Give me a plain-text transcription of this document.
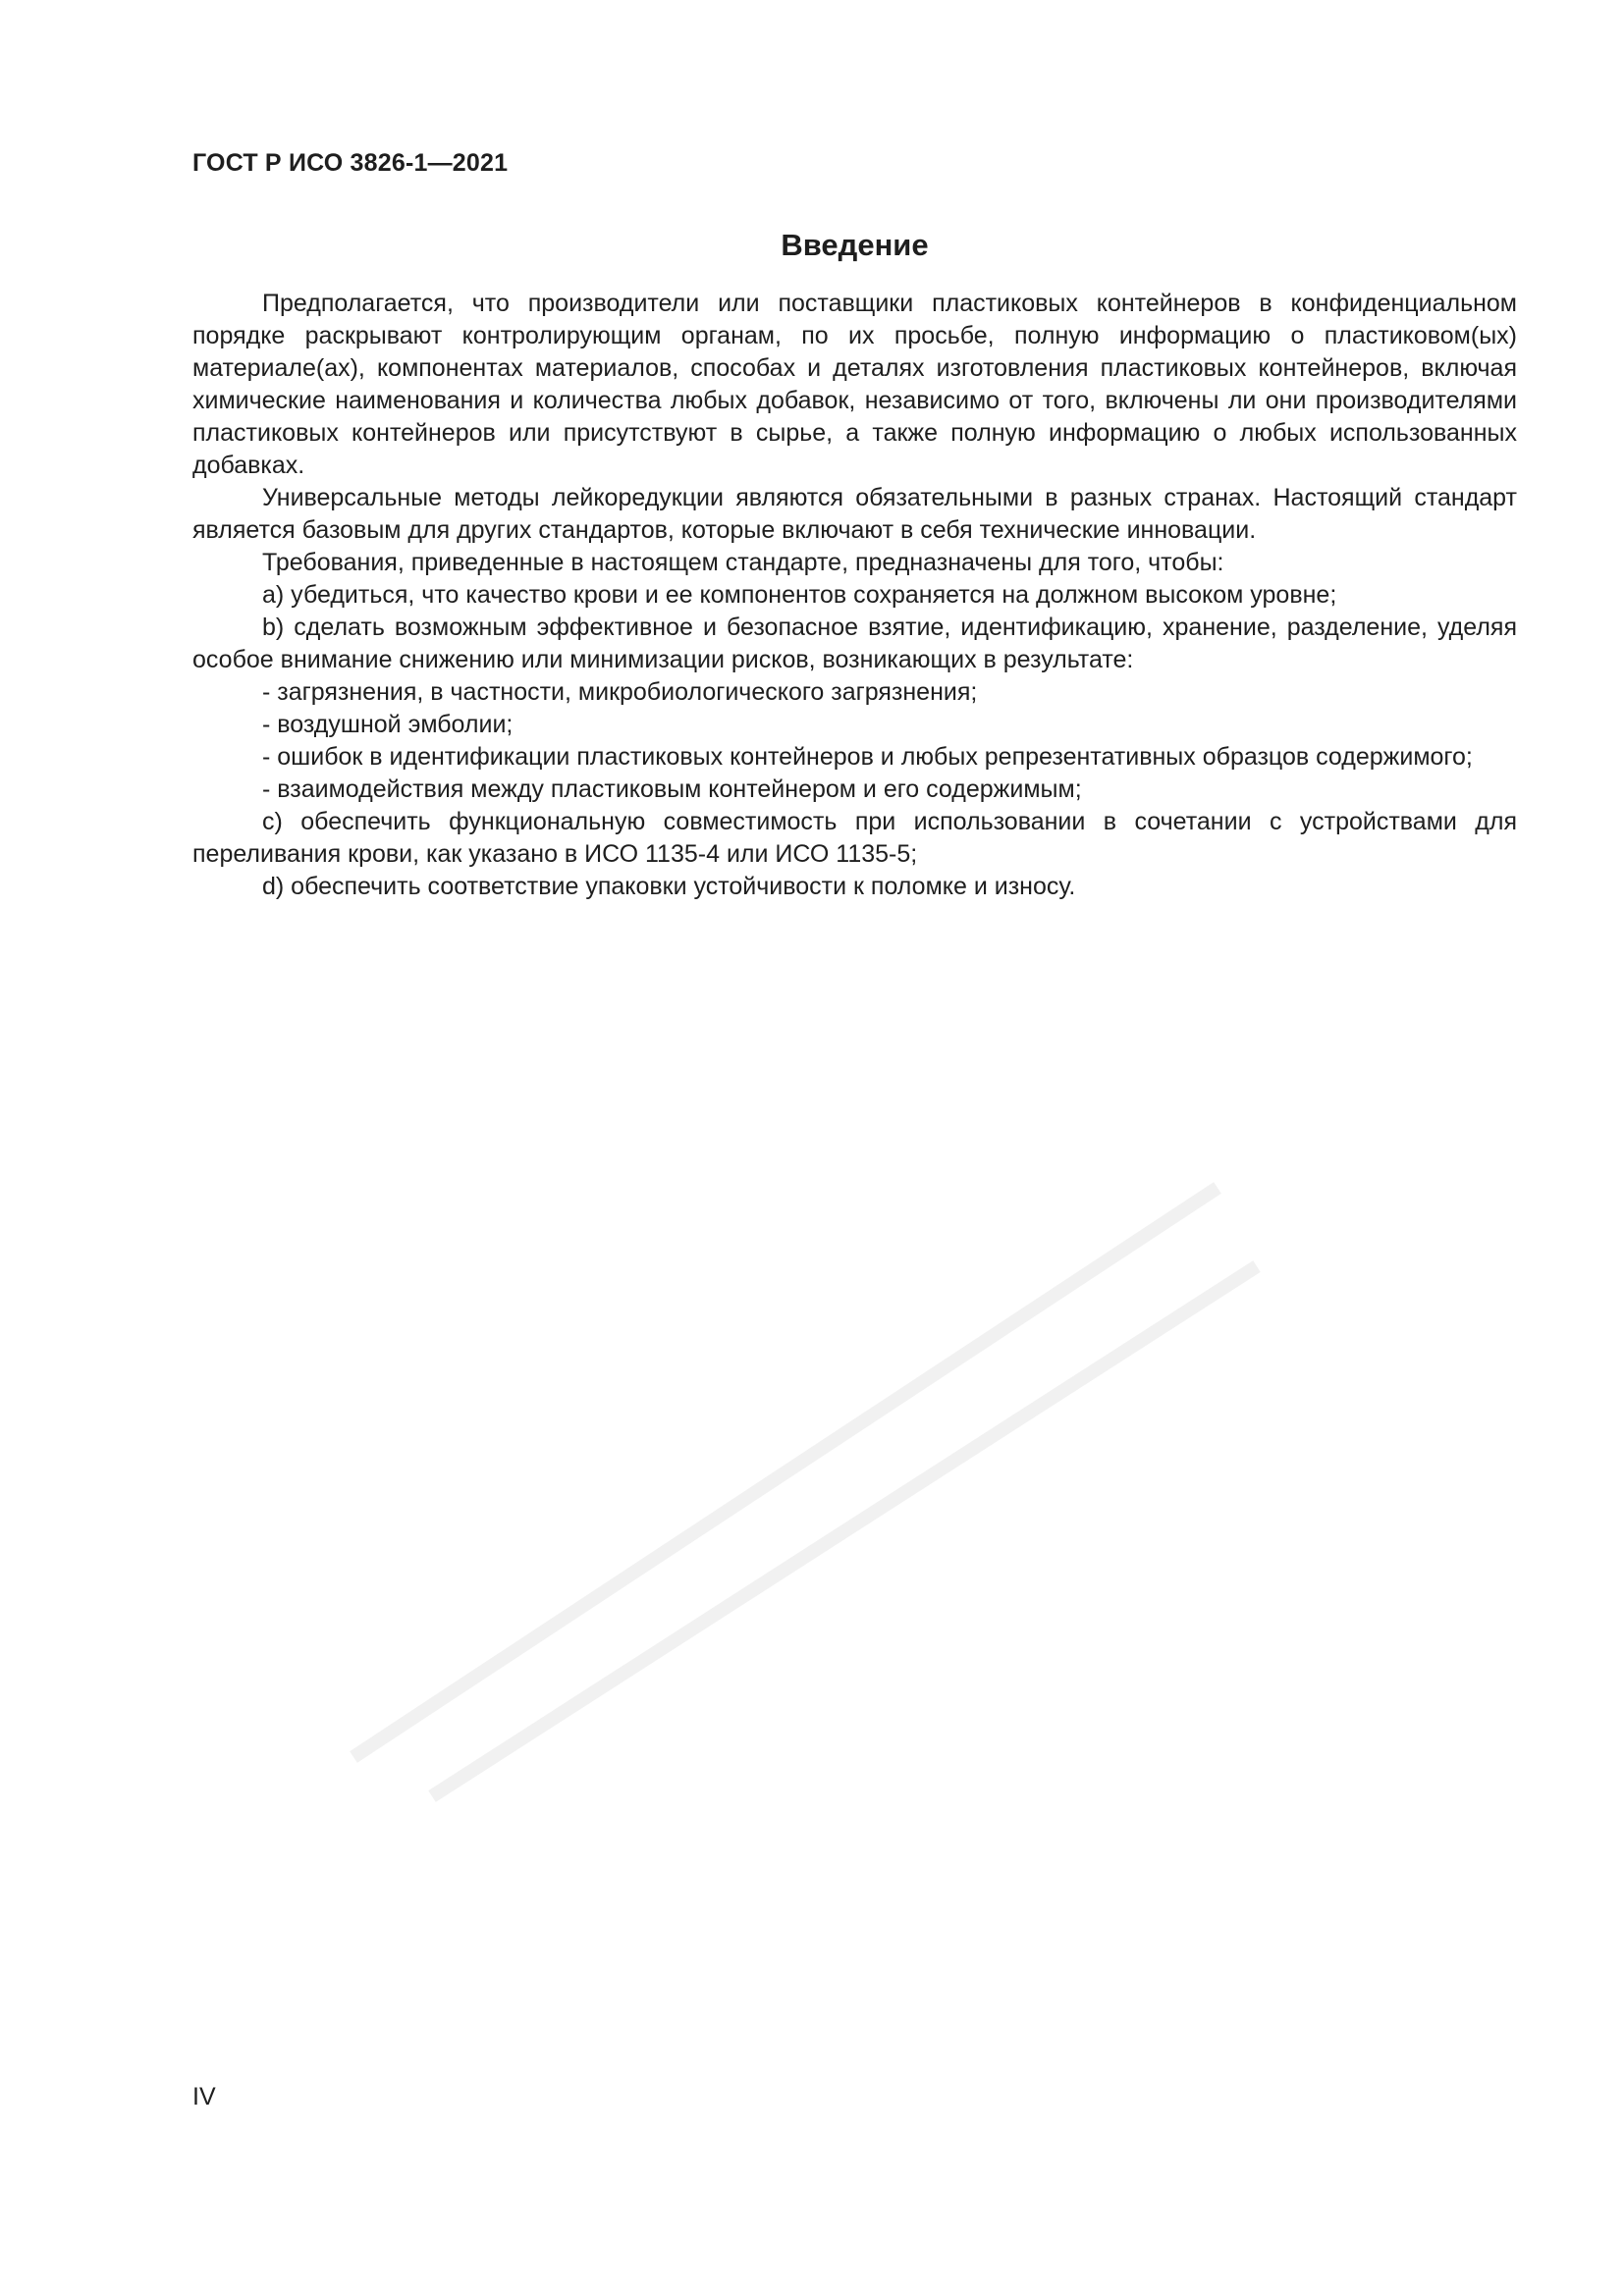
ГОСТ Р ИСО 3826-1—2021
Введение

Предполагается, что производители или поставщики пластиковых контейнеров в конфиденциальном порядке раскрывают контролирующим органам, по их просьбе, полную информацию о пластиковом(ых) материале(ах), компонентах материалов, способах и деталях изготовления пластиковых контейнеров, включая химические наименования и количества любых добавок, независимо от того, включены ли они производителями пластиковых контейнеров или присутствуют в сырье, а также полную информацию о любых использованных добавках.

Универсальные методы лейкоредукции являются обязательными в разных странах. Настоящий стандарт является базовым для других стандартов, которые включают в себя технические инновации.

Требования, приведенные в настоящем стандарте, предназначены для того, чтобы:

a) убедиться, что качество крови и ее компонентов сохраняется на должном высоком уровне;

b) сделать возможным эффективное и безопасное взятие, идентификацию, хранение, разделение, уделяя особое внимание снижению или минимизации рисков, возникающих в результате:

- загрязнения, в частности, микробиологического загрязнения;

- воздушной эмболии;

- ошибок в идентификации пластиковых контейнеров и любых репрезентативных образцов содержимого;

- взаимодействия между пластиковым контейнером и его содержимым;

c) обеспечить функциональную совместимость при использовании в сочетании с устройствами для переливания крови, как указано в ИСО 1135-4 или ИСО 1135-5;

d) обеспечить соответствие упаковки устойчивости к поломке и износу.

IV
